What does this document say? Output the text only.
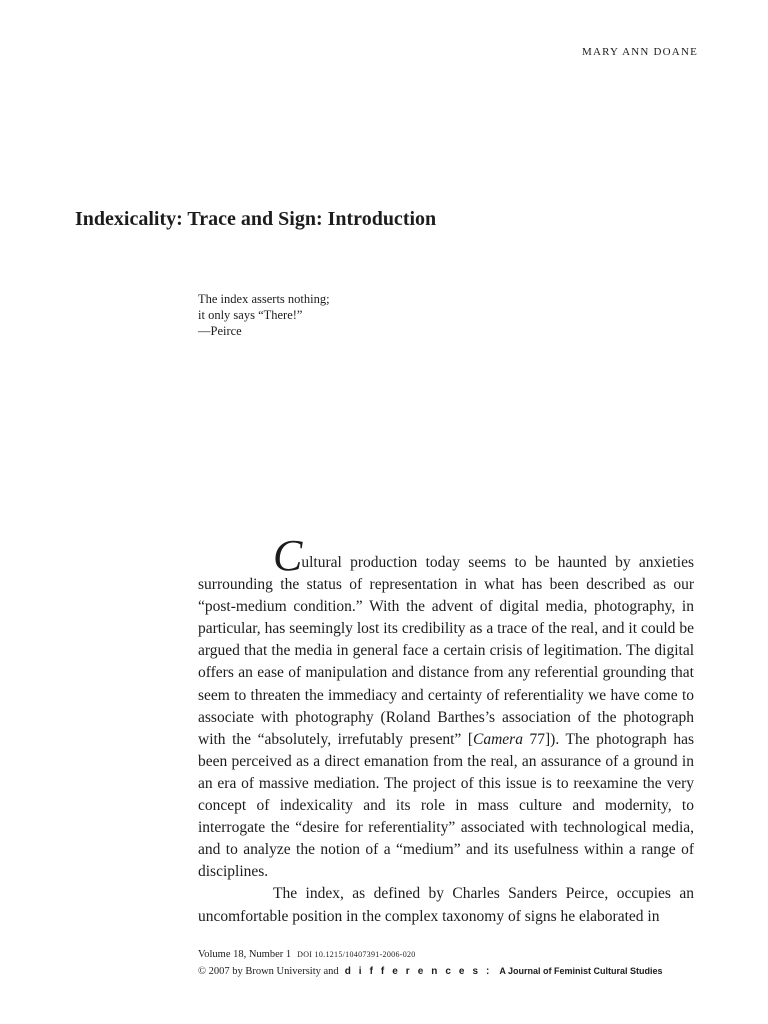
MARY ANN DOANE
Indexicality: Trace and Sign: Introduction
The index asserts nothing;
it only says “There!”
—Peirce

Cultural production today seems to be haunted by anxieties surrounding the status of representation in what has been described as our “post-medium condition.” With the advent of digital media, photography, in particular, has seemingly lost its credibility as a trace of the real, and it could be argued that the media in general face a certain crisis of legitimation. The digital offers an ease of manipulation and distance from any referential grounding that seem to threaten the immediacy and certainty of referentiality we have come to associate with photography (Roland Barthes’s association of the photograph with the “absolutely, irrefutably present” [Camera 77]). The photograph has been perceived as a direct emanation from the real, an assurance of a ground in an era of massive mediation. The project of this issue is to reexamine the very concept of indexicality and its role in mass culture and modernity, to interrogate the “desire for referentiality” associated with technological media, and to analyze the notion of a “medium” and its usefulness within a range of disciplines.

The index, as defined by Charles Sanders Peirce, occupies an uncomfortable position in the complex taxonomy of signs he elaborated in

Volume 18, Number 1 DOI 10.1215/10407391-2006-020
© 2007 by Brown University and differences: A Journal of Feminist Cultural Studies
